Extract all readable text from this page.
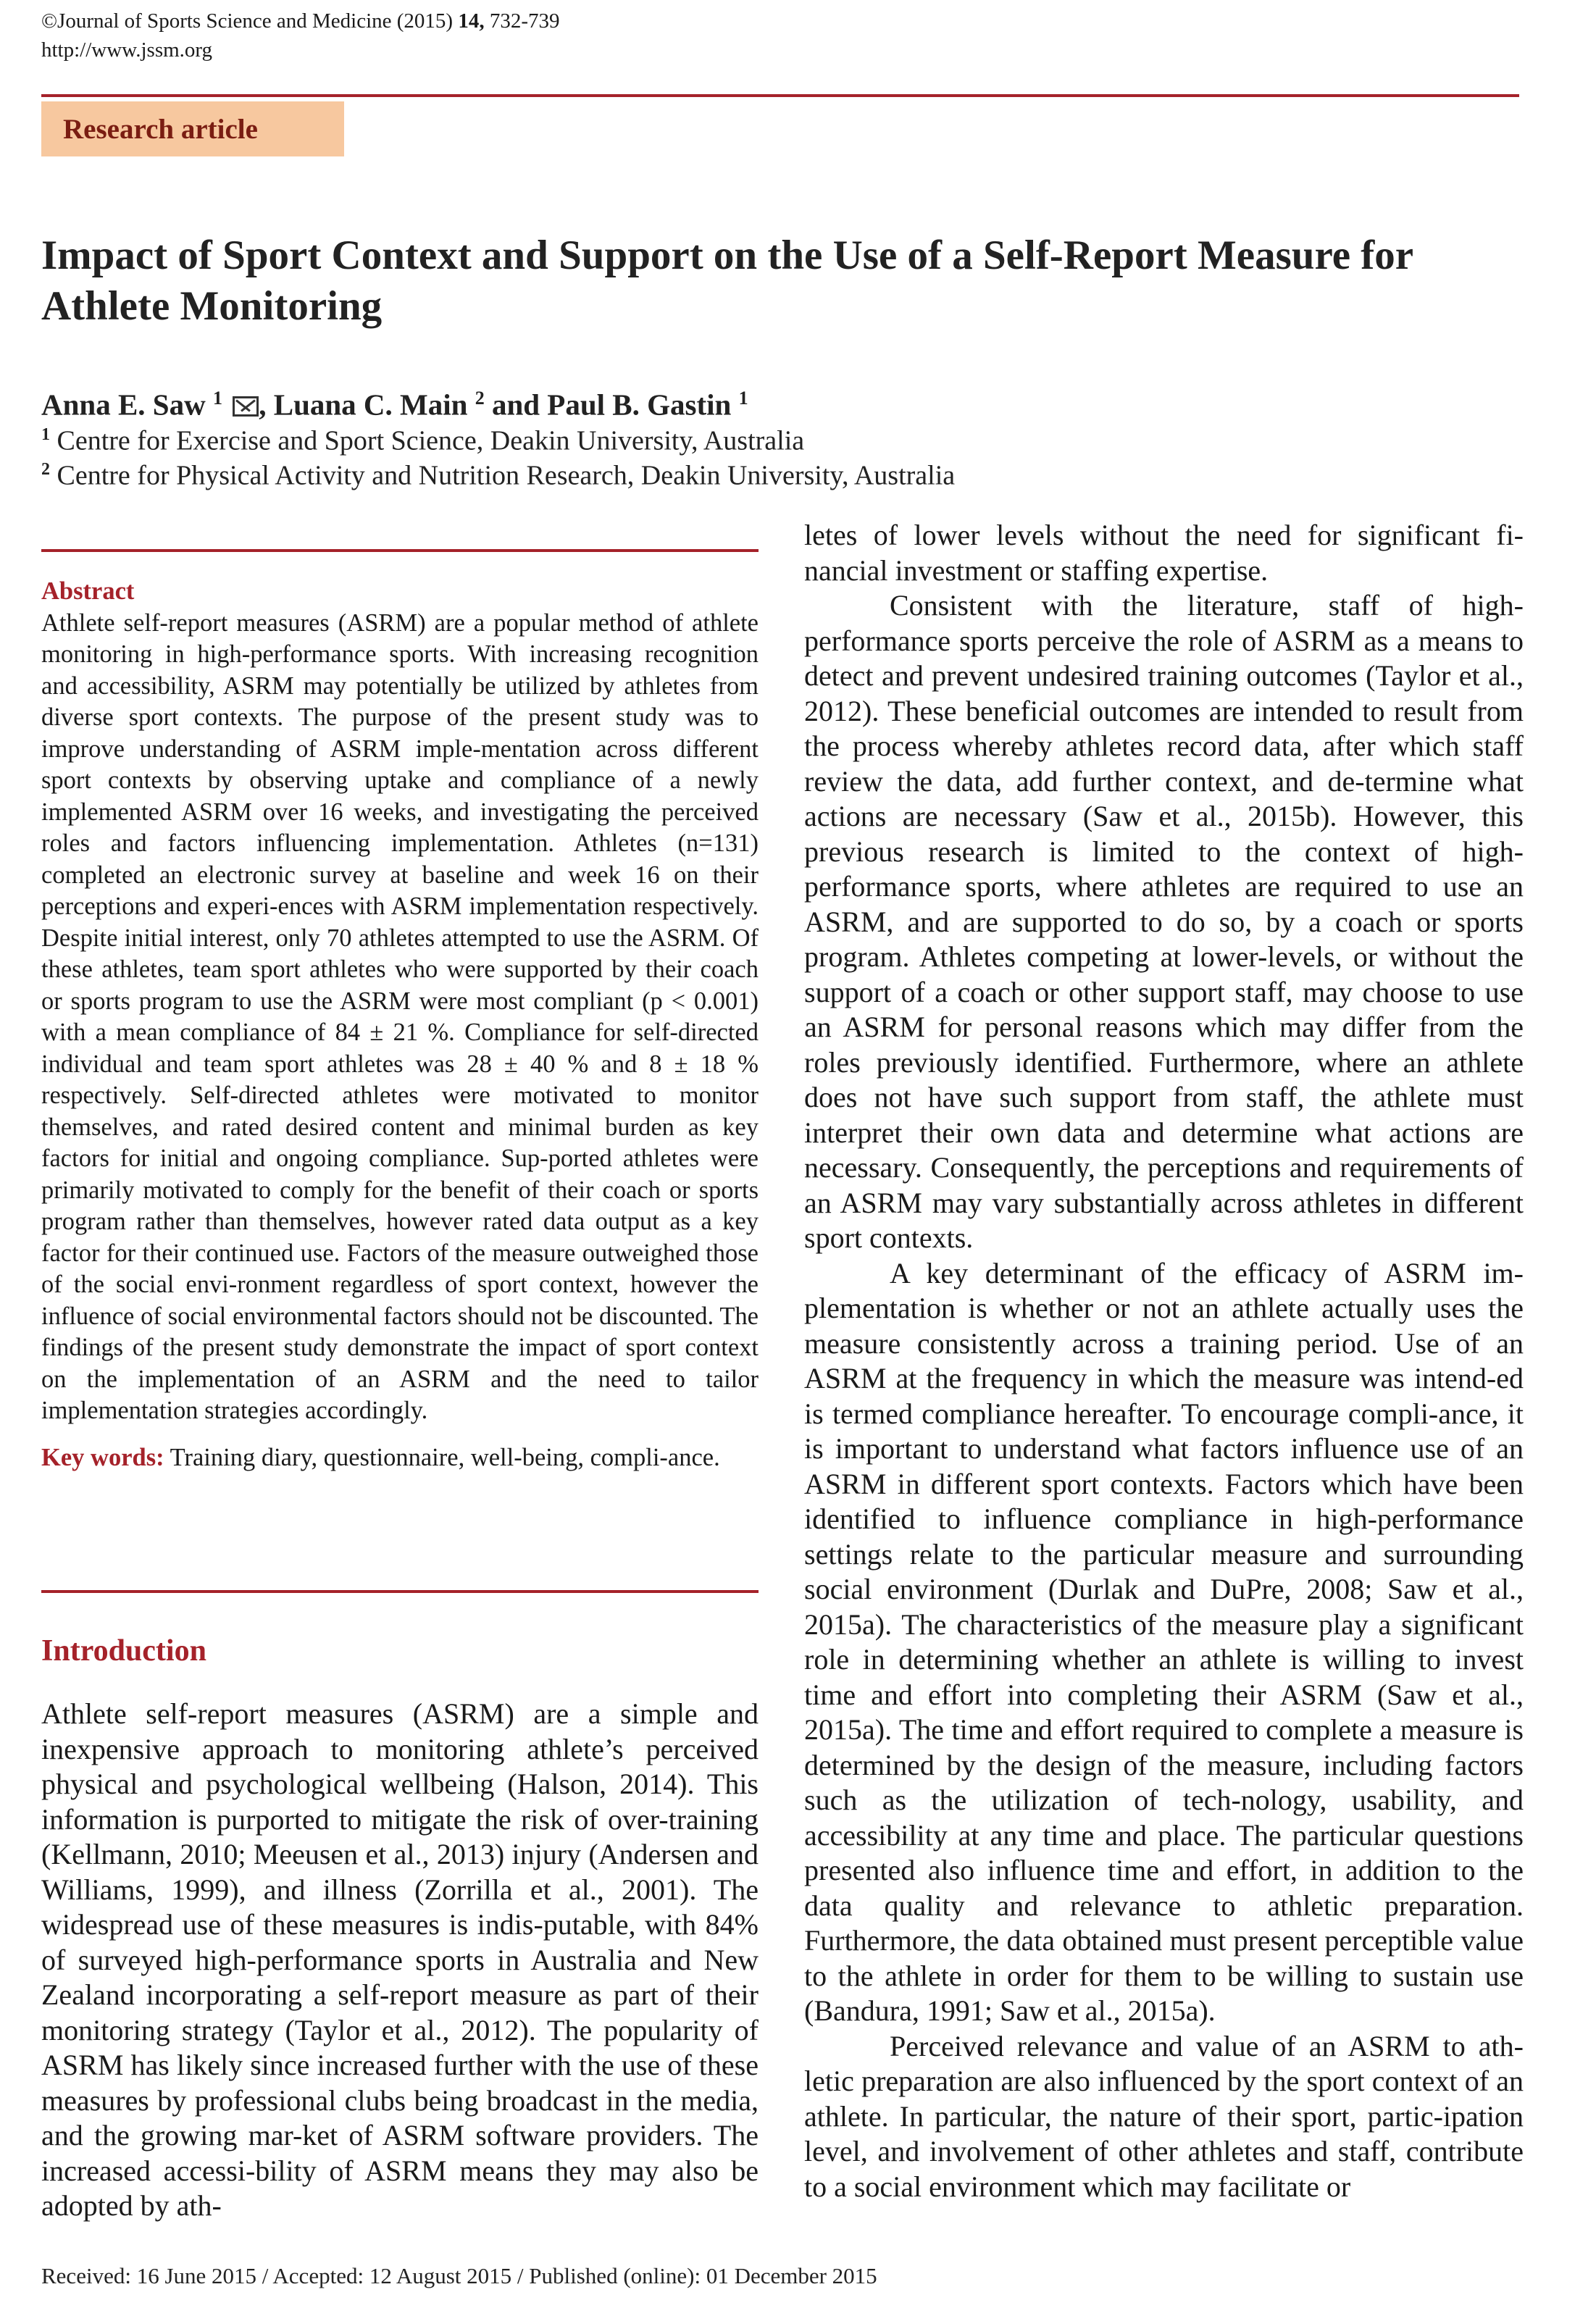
©Journal of Sports Science and Medicine (2015) 14, 732-739
http://www.jssm.org
Research article
Impact of Sport Context and Support on the Use of a Self-Report Measure for Athlete Monitoring
Anna E. Saw $^1$ , Luana C. Main $^2$ and Paul B. Gastin $^1$
$^1$ Centre for Exercise and Sport Science, Deakin University, Australia
$^2$ Centre for Physical Activity and Nutrition Research, Deakin University, Australia
Abstract

Athlete self-report measures (ASRM) are a popular method of athlete monitoring in high-performance sports. With increasing recognition and accessibility, ASRM may potentially be utilized by athletes from diverse sport contexts. The purpose of the present study was to improve understanding of ASRM imple-mentation across different sport contexts by observing uptake and compliance of a newly implemented ASRM over 16 weeks, and investigating the perceived roles and factors influencing implementation. Athletes (n=131) completed an electronic survey at baseline and week 16 on their perceptions and experi-ences with ASRM implementation respectively. Despite initial interest, only 70 athletes attempted to use the ASRM. Of these athletes, team sport athletes who were supported by their coach or sports program to use the ASRM were most compliant (p < 0.001) with a mean compliance of 84 ± 21 %. Compliance for self-directed individual and team sport athletes was 28 ± 40 % and 8 ± 18 % respectively. Self-directed athletes were motivated to monitor themselves, and rated desired content and minimal burden as key factors for initial and ongoing compliance. Sup-ported athletes were primarily motivated to comply for the benefit of their coach or sports program rather than themselves, however rated data output as a key factor for their continued use. Factors of the measure outweighed those of the social envi-ronment regardless of sport context, however the influence of social environmental factors should not be discounted. The findings of the present study demonstrate the impact of sport context on the implementation of an ASRM and the need to tailor implementation strategies accordingly.

Key words: Training diary, questionnaire, well-being, compli-ance.

Introduction

Athlete self-report measures (ASRM) are a simple and inexpensive approach to monitoring athlete’s perceived physical and psychological wellbeing (Halson, 2014). This information is purported to mitigate the risk of over-training (Kellmann, 2010; Meeusen et al., 2013) injury (Andersen and Williams, 1999), and illness (Zorrilla et al., 2001). The widespread use of these measures is indis-putable, with 84% of surveyed high-performance sports in Australia and New Zealand incorporating a self-report measure as part of their monitoring strategy (Taylor et al., 2012). The popularity of ASRM has likely since increased further with the use of these measures by professional clubs being broadcast in the media, and the growing mar-ket of ASRM software providers. The increased accessi-bility of ASRM means they may also be adopted by ath-

letes of lower levels without the need for significant fi-nancial investment or staffing expertise.

Consistent with the literature, staff of high-performance sports perceive the role of ASRM as a means to detect and prevent undesired training outcomes (Taylor et al., 2012). These beneficial outcomes are intended to result from the process whereby athletes record data, after which staff review the data, add further context, and de-termine what actions are necessary (Saw et al., 2015b). However, this previous research is limited to the context of high-performance sports, where athletes are required to use an ASRM, and are supported to do so, by a coach or sports program. Athletes competing at lower-levels, or without the support of a coach or other support staff, may choose to use an ASRM for personal reasons which may differ from the roles previously identified. Furthermore, where an athlete does not have such support from staff, the athlete must interpret their own data and determine what actions are necessary. Consequently, the perceptions and requirements of an ASRM may vary substantially across athletes in different sport contexts.

A key determinant of the efficacy of ASRM im-plementation is whether or not an athlete actually uses the measure consistently across a training period. Use of an ASRM at the frequency in which the measure was intend-ed is termed compliance hereafter. To encourage compli-ance, it is important to understand what factors influence use of an ASRM in different sport contexts. Factors which have been identified to influence compliance in high-performance settings relate to the particular measure and surrounding social environment (Durlak and DuPre, 2008; Saw et al., 2015a). The characteristics of the measure play a significant role in determining whether an athlete is willing to invest time and effort into completing their ASRM (Saw et al., 2015a). The time and effort required to complete a measure is determined by the design of the measure, including factors such as the utilization of tech-nology, usability, and accessibility at any time and place. The particular questions presented also influence time and effort, in addition to the data quality and relevance to athletic preparation. Furthermore, the data obtained must present perceptible value to the athlete in order for them to be willing to sustain use (Bandura, 1991; Saw et al., 2015a).

Perceived relevance and value of an ASRM to ath-letic preparation are also influenced by the sport context of an athlete. In particular, the nature of their sport, partic-ipation level, and involvement of other athletes and staff, contribute to a social environment which may facilitate or

Received: 16 June 2015 / Accepted: 12 August 2015 / Published (online): 01 December 2015
